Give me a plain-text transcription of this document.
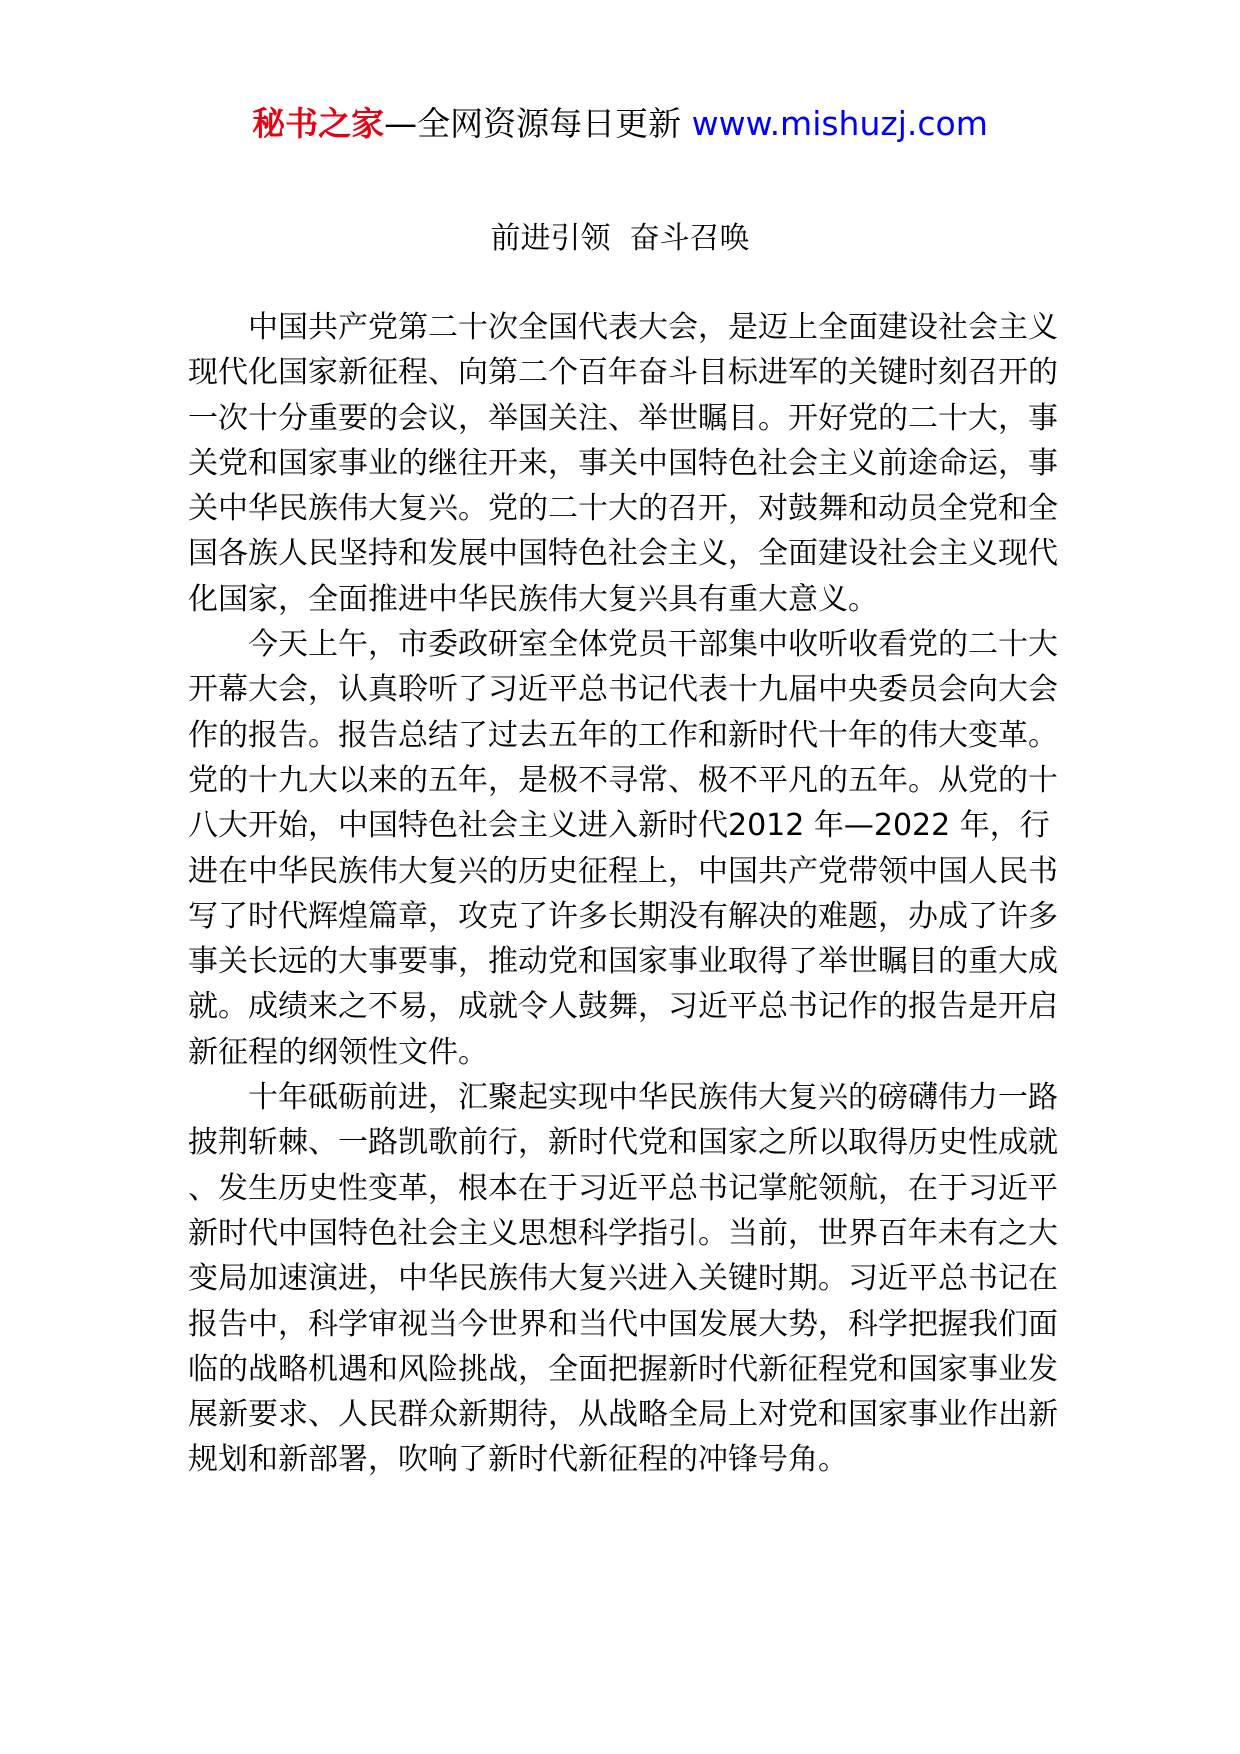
秘书之家—全网资源每日更新 www.mishuzj.com
前进引领  奋斗召唤

中国共产党第二十次全国代表大会，是迈上全面建设社会主义现代化国家新征程、向第二个百年奋斗目标进军的关键时刻召开的一次十分重要的会议，举国关注、举世瞩目。开好党的二十大，事关党和国家事业的继往开来，事关中国特色社会主义前途命运，事关中华民族伟大复兴。党的二十大的召开，对鼓舞和动员全党和全国各族人民坚持和发展中国特色社会主义，全面建设社会主义现代化国家，全面推进中华民族伟大复兴具有重大意义。

今天上午，市委政研室全体党员干部集中收听收看党的二十大开幕大会，认真聆听了习近平总书记代表十九届中央委员会向大会作的报告。报告总结了过去五年的工作和新时代十年的伟大变革。党的十九大以来的五年，是极不寻常、极不平凡的五年。从党的十八大开始，中国特色社会主义进入新时代2012 年—2022 年，行进在中华民族伟大复兴的历史征程上，中国共产党带领中国人民书写了时代辉煌篇章，攻克了许多长期没有解决的难题，办成了许多事关长远的大事要事，推动党和国家事业取得了举世瞩目的重大成就。成绩来之不易，成就令人鼓舞，习近平总书记作的报告是开启新征程的纲领性文件。

十年砥砺前进，汇聚起实现中华民族伟大复兴的磅礴伟力一路披荆斩棘、一路凯歌前行，新时代党和国家之所以取得历史性成就、发生历史性变革，根本在于习近平总书记掌舵领航，在于习近平新时代中国特色社会主义思想科学指引。当前，世界百年未有之大变局加速演进，中华民族伟大复兴进入关键时期。习近平总书记在报告中，科学审视当今世界和当代中国发展大势，科学把握我们面临的战略机遇和风险挑战，全面把握新时代新征程党和国家事业发展新要求、人民群众新期待，从战略全局上对党和国家事业作出新规划和新部署，吹响了新时代新征程的冲锋号角。
